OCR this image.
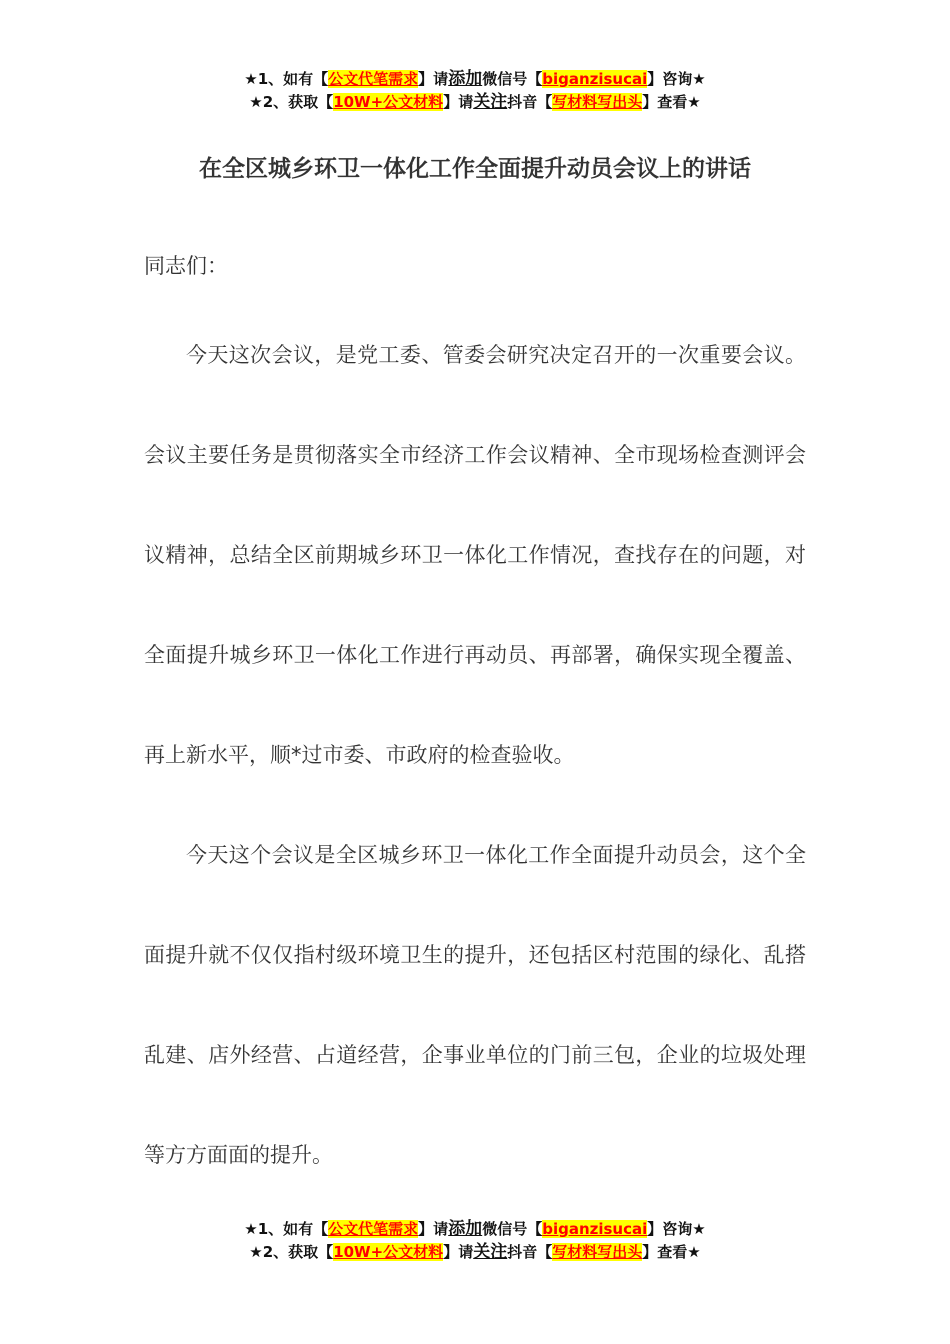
★1、如有【公文代笔需求】请添加微信号【biganzisucai】咨询★
★2、获取【10W+公文材料】请关注抖音【写材料写出头】查看★
在全区城乡环卫一体化工作全面提升动员会议上的讲话
同志们：

今天这次会议，是党工委、管委会研究决定召开的一次重要会议。会议主要任务是贯彻落实全市经济工作会议精神、全市现场检查测评会议精神，总结全区前期城乡环卫一体化工作情况，查找存在的问题，对全面提升城乡环卫一体化工作进行再动员、再部署，确保实现全覆盖、再上新水平，顺*过市委、市政府的检查验收。

今天这个会议是全区城乡环卫一体化工作全面提升动员会，这个全面提升就不仅仅指村级环境卫生的提升，还包括区村范围的绿化、乱搭乱建、店外经营、占道经营，企事业单位的门前三包，企业的垃圾处理等方方面面的提升。

★1、如有【公文代笔需求】请添加微信号【biganzisucai】咨询★
★2、获取【10W+公文材料】请关注抖音【写材料写出头】查看★
